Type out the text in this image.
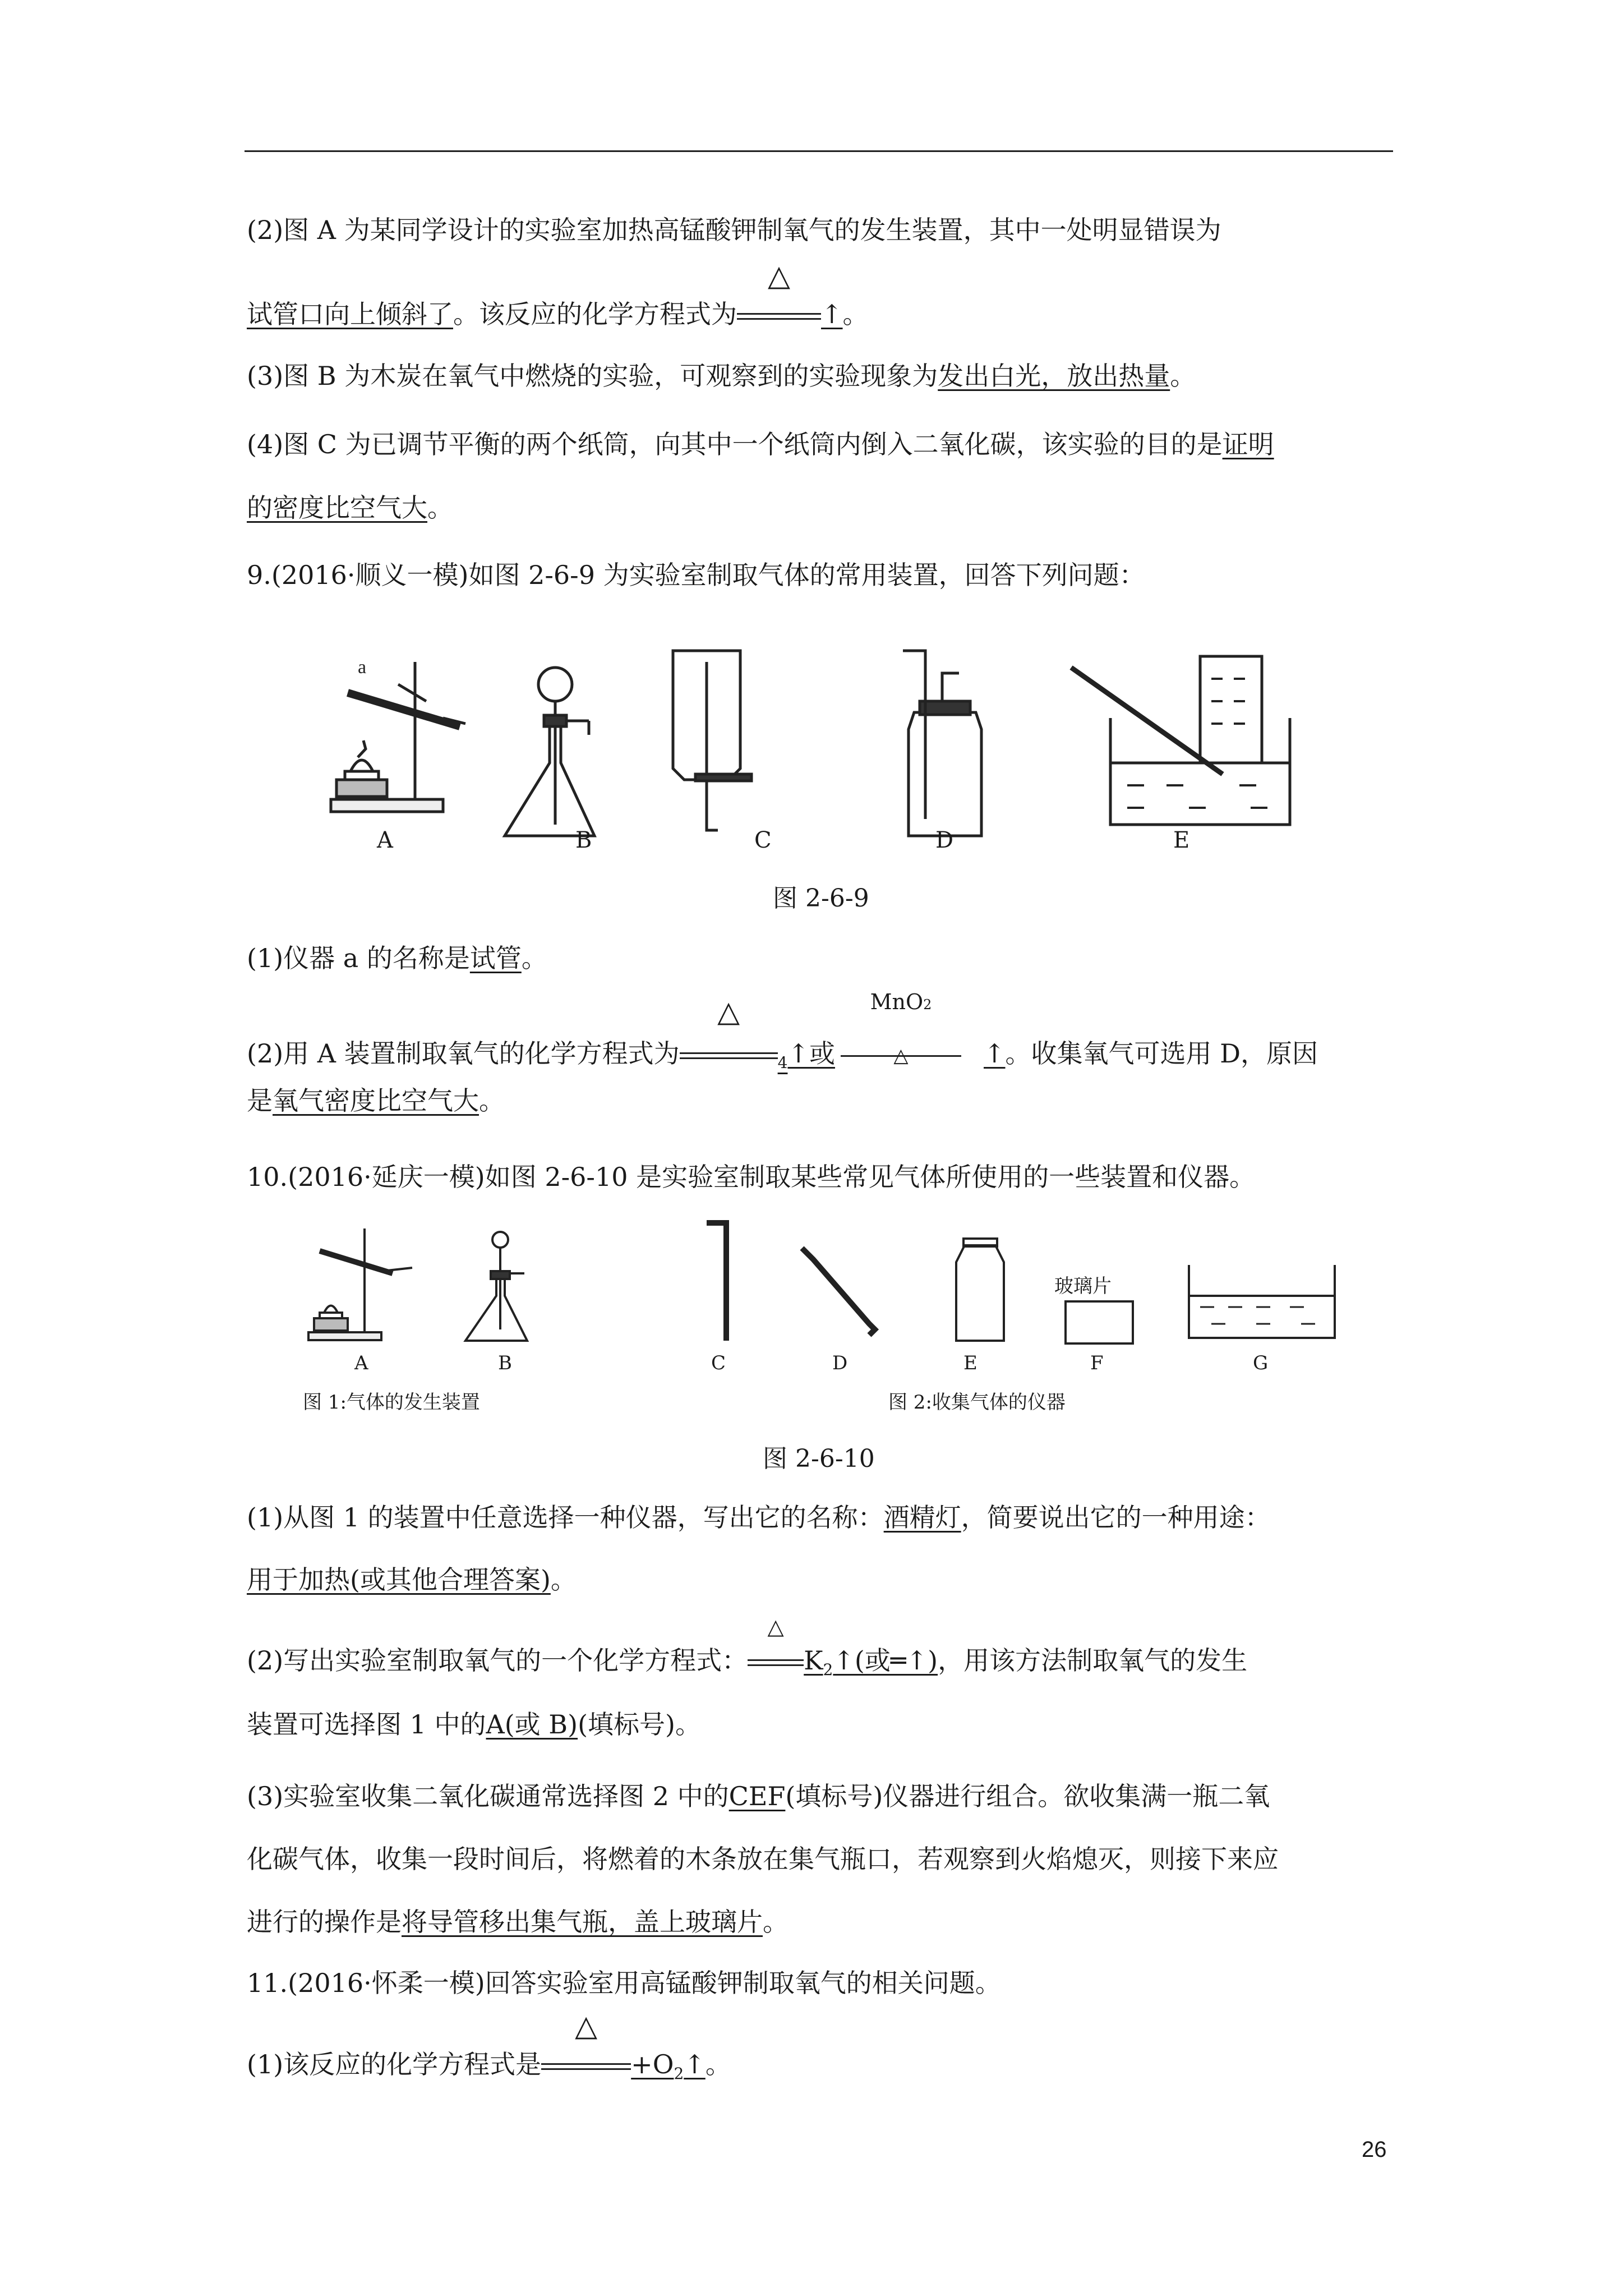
(2)图 A 为某同学设计的实验室加热高锰酸钾制氧气的发生装置，其中一处明显错误为
试管口向上倾斜了。该反应的化学方程式为
△
↑。
(3)图 B 为木炭在氧气中燃烧的实验，可观察到的实验现象为发出白光，放出热量。
(4)图 C 为已调节平衡的两个纸筒，向其中一个纸筒内倒入二氧化碳，该实验的目的是证明
的密度比空气大。
9.(2016·顺义一模)如图 2-6-9 为实验室制取气体的常用装置，回答下列问题：
a
A	B	C	D	E
图 2-6-9
(1)仪器 a 的名称是试管。
(2)用 A 装置制取氧气的化学方程式为
△
$_4$↑或
MnO2
△	↑。收集氧气可选用 D，原因
是氧气密度比空气大。
10.(2016·延庆一模)如图 2-6-10 是实验室制取某些常见气体所使用的一些装置和仪器。
玻璃片
A	B	C	D	E	F	G
图 1:气体的发生装置	图 2:收集气体的仪器
图 2-6-10
(1)从图 1 的装置中任意选择一种仪器，写出它的名称：酒精灯，简要说出它的一种用途：
用于加热(或其他合理答案)。
(2)写出实验室制取氧气的一个化学方程式：
△
$K_2↑$(或═↑)，用该方法制取氧气的发生
装置可选择图 1 中的A(或 B)(填标号)。
(3)实验室收集二氧化碳通常选择图 2 中的CEF(填标号)仪器进行组合。欲收集满一瓶二氧
化碳气体，收集一段时间后，将燃着的木条放在集气瓶口，若观察到火焰熄灭，则接下来应
进行的操作是将导管移出集气瓶，盖上玻璃片。
11.(2016·怀柔一模)回答实验室用高锰酸钾制取氧气的相关问题。
(1)该反应的化学方程式是
△
$+O_2↑$。
26
